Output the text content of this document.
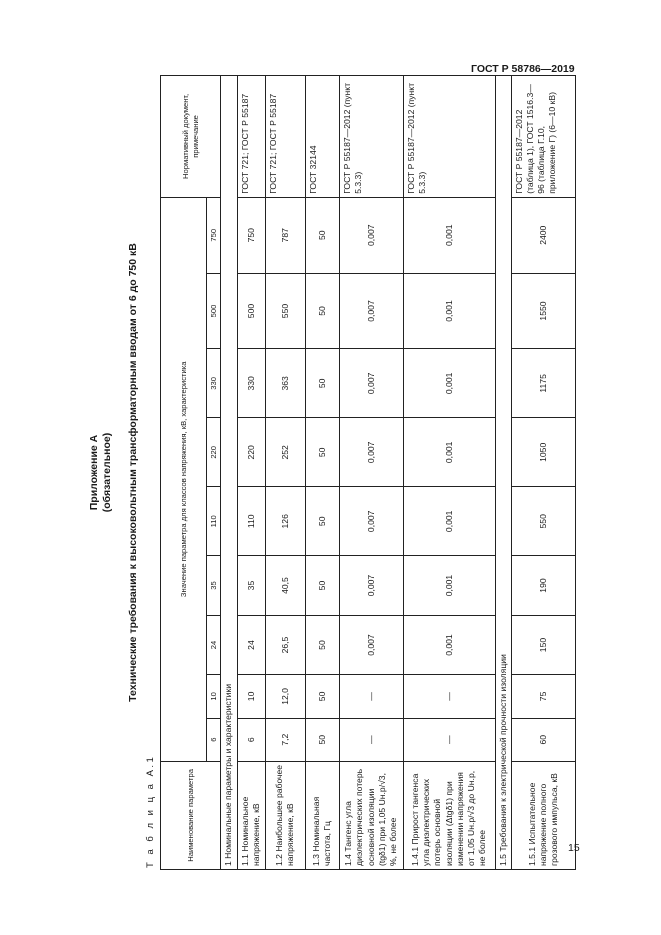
ГОСТ Р 58786—2019
Приложение А (обязательное) Технические требования к высоковольтным трансформаторным вводам от 6 до 750 кВ
Т а б л и ц а А.1	Наименование параметра	Значение параметра для классов напряжения, кВ, характеристика									Нормативный документ, примечание
	6	10	24	35	110	220	330	500	750	
1 Номинальные параметры и характеристики										
1.1 Номинальное напряжение, кВ	6	10	24	35	110	220	330	500	750	ГОСТ 721; ГОСТ Р 55187
1.2 Наибольшее рабочее напряжение, кВ	7,2	12,0	26,5	40,5	126	252	363	550	787	ГОСТ 721; ГОСТ Р 55187
1.3 Номинальная частота, Гц	50	50	50	50	50	50	50	50	50	ГОСТ 32144
1.4 Тангенс угла диэлектрических потерь основной изоляции (tgδ1) при 1,05 Uн.р/√3, %, не более	—	—	0,007	0,007	0,007	0,007	0,007	0,007	0,007	ГОСТ Р 55187—2012 (пункт 5.3.3)
1.4.1 Прирост тангенса угла диэлектрических потерь основной изоляции (Δtgδ1) при изменении напряжения от 1,05 Uн.р/√3 до Uн.р, не более	—	—	0,001	0,001	0,001	0,001	0,001	0,001	0,001	ГОСТ Р 55187—2012 (пункт 5.3.3)
1.5 Требования к электрической прочности изоляции										
1.5.1 Испытательное напряжение полного грозового импульса, кВ	60	75	150	190	550	1050	1175	1550	2400	ГОСТ Р 55187—2012 (таблица 1), ГОСТ 1516.3—96 (таблица Г.10, приложение Г) (6—10 кВ)
15
